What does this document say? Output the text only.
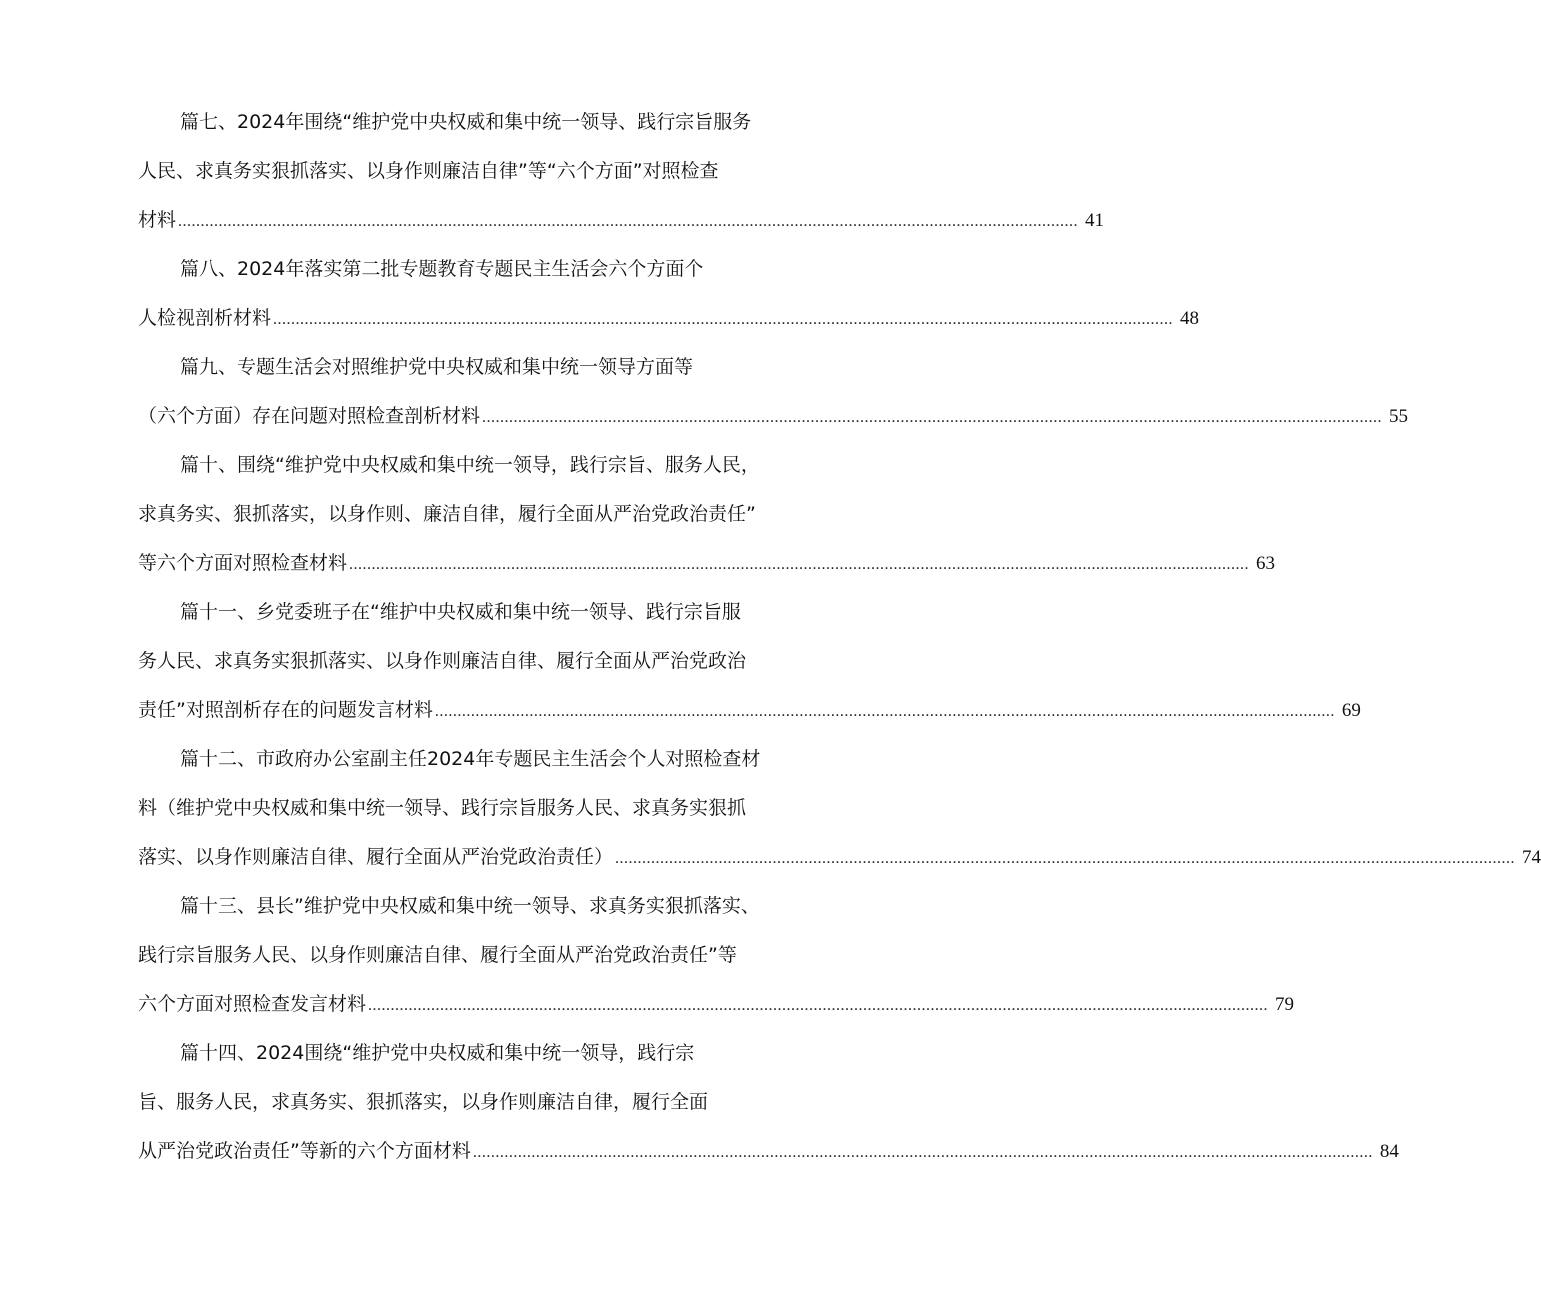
篇七、2024年围绕“维护党中央权威和集中统一领导、践行宗旨服务
人民、求真务实狠抓落实、以身作则廉洁自律”等“六个方面”对照检查
材料 ........................................................................................................................................................................................................ 41
篇八、2024年落实第二批专题教育专题民主生活会六个方面个
人检视剖析材料 ........................................................................................................................................................................................................ 48
篇九、专题生活会对照维护党中央权威和集中统一领导方面等
（六个方面）存在问题对照检查剖析材料 ........................................................................................................................................................................................................ 55
篇十、围绕“维护党中央权威和集中统一领导，践行宗旨、服务人民，
求真务实、狠抓落实，以身作则、廉洁自律，履行全面从严治党政治责任”
等六个方面对照检查材料 ........................................................................................................................................................................................................ 63
篇十一、乡党委班子在“维护中央权威和集中统一领导、践行宗旨服
务人民、求真务实狠抓落实、以身作则廉洁自律、履行全面从严治党政治
责任”对照剖析存在的问题发言材料 ........................................................................................................................................................................................................ 69
篇十二、市政府办公室副主任2024年专题民主生活会个人对照检查材
料（维护党中央权威和集中统一领导、践行宗旨服务人民、求真务实狠抓
落实、以身作则廉洁自律、履行全面从严治党政治责任） ........................................................................................................................................................................................................ 74
篇十三、县长”维护党中央权威和集中统一领导、求真务实狠抓落实、
践行宗旨服务人民、以身作则廉洁自律、履行全面从严治党政治责任”等
六个方面对照检查发言材料 ........................................................................................................................................................................................................ 79
篇十四、2024围绕“维护党中央权威和集中统一领导，践行宗
旨、服务人民，求真务实、狠抓落实，以身作则廉洁自律，履行全面
从严治党政治责任”等新的六个方面材料 ........................................................................................................................................................................................................ 84
